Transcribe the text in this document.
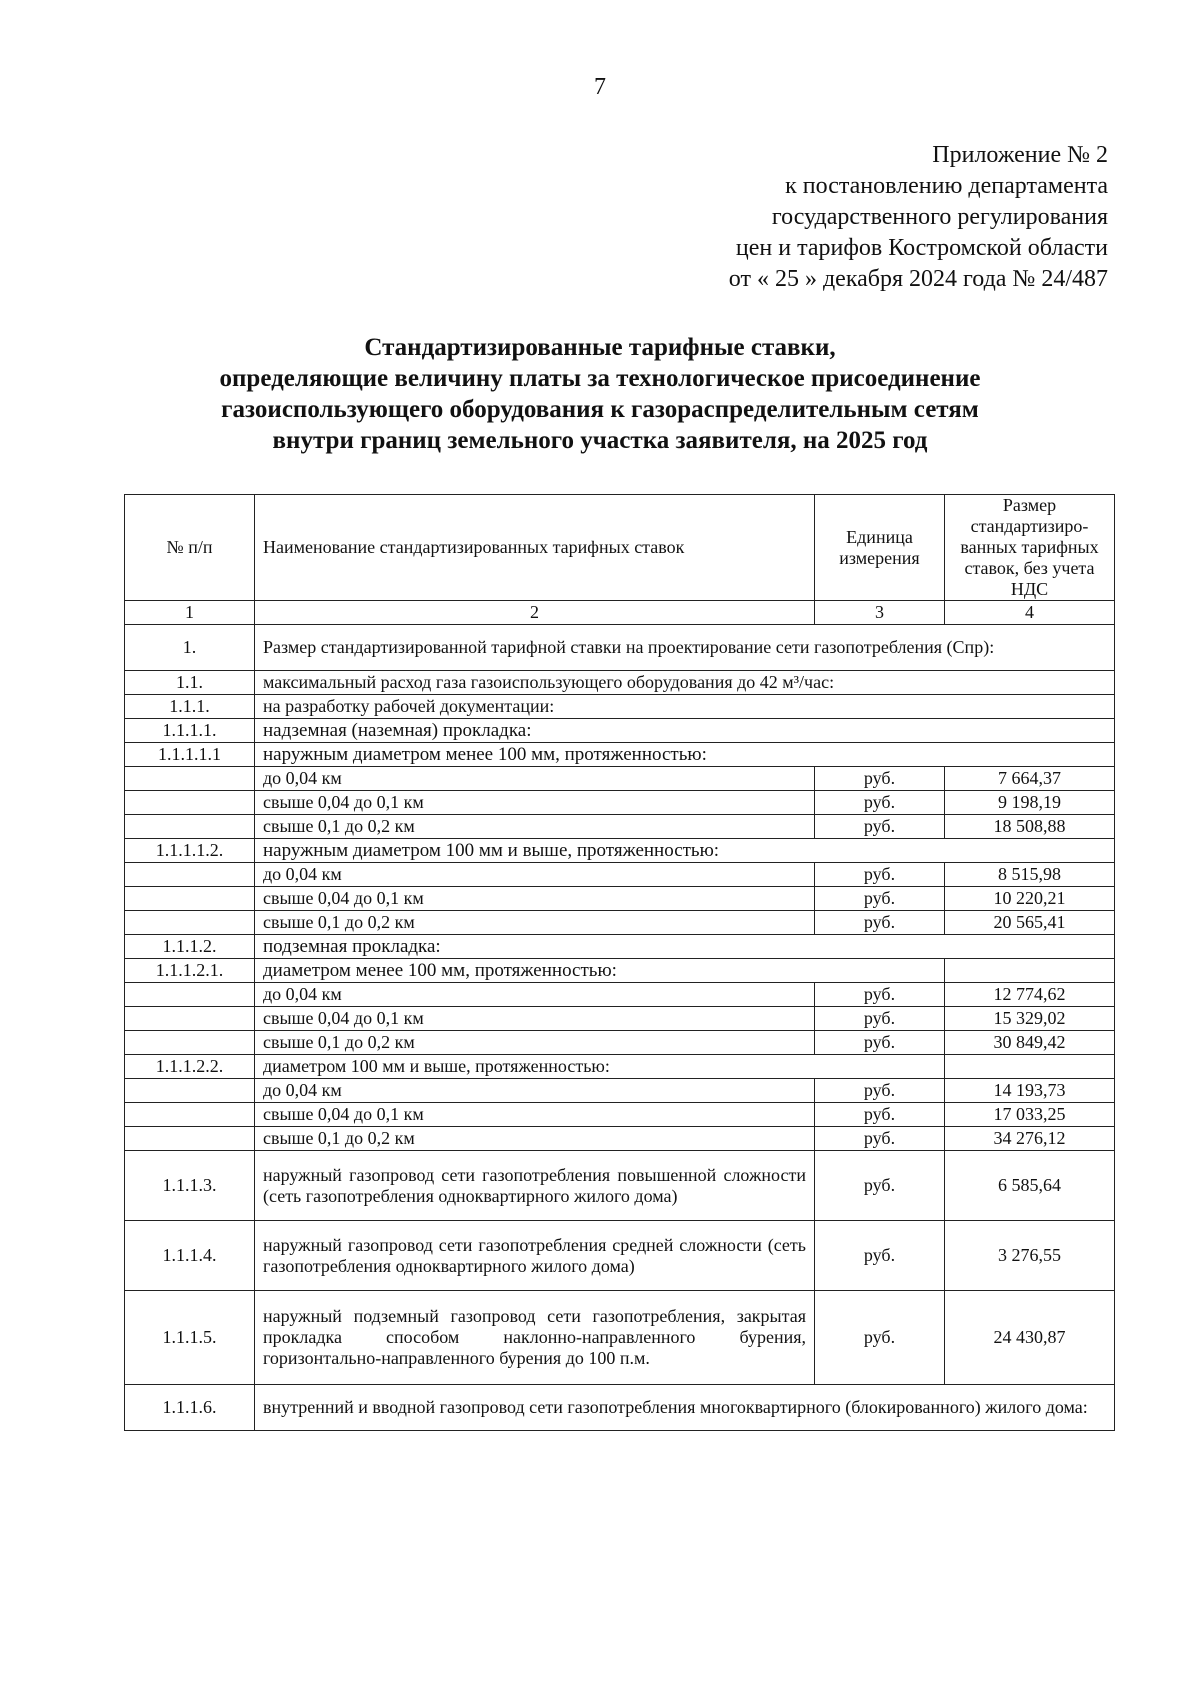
7
Приложение № 2
к постановлению департамента
государственного регулирования
цен и тарифов Костромской области
от « 25 » декабря 2024 года № 24/487
Стандартизированные тарифные ставки,
определяющие величину платы за технологическое присоединение
газоиспользующего оборудования к газораспределительным сетям
внутри границ земельного участка заявителя, на 2025 год
№ п/п	Наименование стандартизированных тарифных ставок	Единица измерения	Размер стандартизиро-ванных тарифных ставок, без учета НДС
1	2	3	4
1.	Размер стандартизированной тарифной ставки на проектирование сети газопотребления (Спр):		
1.1.	максимальный расход газа газоиспользующего оборудования до 42 м³/час:		
1.1.1.	на разработку рабочей документации:		
1.1.1.1.	надземная (наземная) прокладка:		
1.1.1.1.1	наружным диаметром менее 100 мм, протяженностью:		
	до 0,04 км	руб.	7 664,37
	свыше 0,04 до 0,1 км	руб.	9 198,19
	свыше 0,1 до 0,2 км	руб.	18 508,88
1.1.1.1.2.	наружным диаметром 100 мм и выше, протяженностью:		
	до 0,04 км	руб.	8 515,98
	свыше 0,04 до 0,1 км	руб.	10 220,21
	свыше 0,1 до 0,2 км	руб.	20 565,41
1.1.1.2.	подземная прокладка:		
1.1.1.2.1.	диаметром менее 100 мм, протяженностью:		
	до 0,04 км	руб.	12 774,62
	свыше 0,04 до 0,1 км	руб.	15 329,02
	свыше 0,1 до 0,2 км	руб.	30 849,42
1.1.1.2.2.	диаметром 100 мм и выше, протяженностью:		
	до 0,04 км	руб.	14 193,73
	свыше 0,04 до 0,1 км	руб.	17 033,25
	свыше 0,1 до 0,2 км	руб.	34 276,12
1.1.1.3.	наружный газопровод сети газопотребления повышенной сложности (сеть газопотребления одноквартирного жилого дома)	руб.	6 585,64
1.1.1.4.	наружный газопровод сети газопотребления средней сложности (сеть газопотребления одноквартирного жилого дома)	руб.	3 276,55
1.1.1.5.	наружный подземный газопровод сети газопотребления, закрытая прокладка способом наклонно-направленного бурения, горизонтально-направленного бурения до 100 п.м.	руб.	24 430,87
1.1.1.6.	внутренний и вводной газопровод сети газопотребления многоквартирного (блокированного) жилого дома:		
